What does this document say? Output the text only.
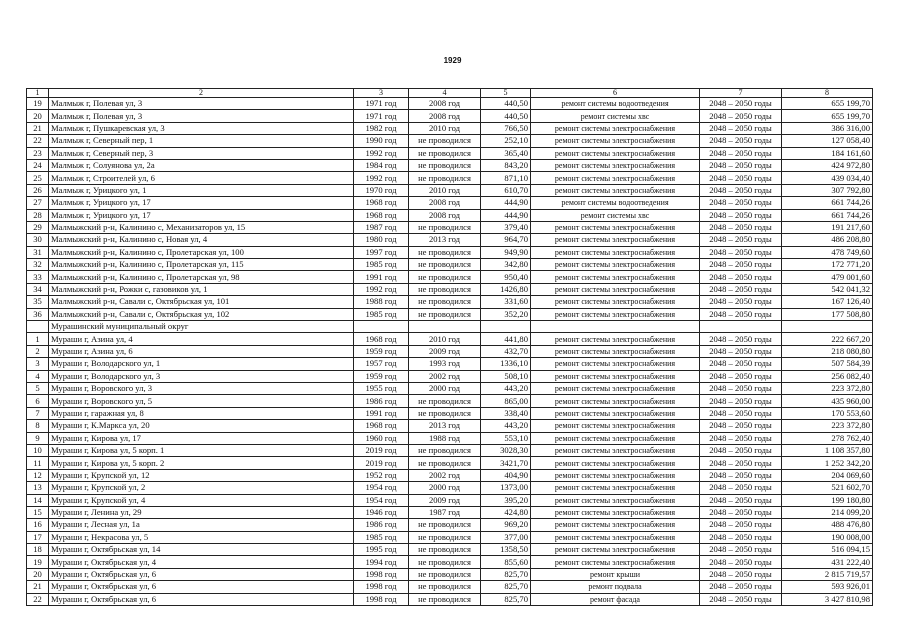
1929
1	2	3	4	5	6	7	8
19	Малмыж г, Полевая ул, 3	1971 год	2008 год	440,50	ремонт системы водоотведения	2048 – 2050 годы	655 199,70
20	Малмыж г, Полевая ул, 3	1971 год	2008 год	440,50	ремонт системы хвс	2048 – 2050 годы	655 199,70
21	Малмыж г, Пушкаревская ул, 3	1982 год	2010 год	766,50	ремонт системы электроснабжения	2048 – 2050 годы	386 316,00
22	Малмыж г, Северный пер, 1	1990 год	не проводился	252,10	ремонт системы электроснабжения	2048 – 2050 годы	127 058,40
23	Малмыж г, Северный пер, 3	1992 год	не проводился	365,40	ремонт системы электроснабжения	2048 – 2050 годы	184 161,60
24	Малмыж г, Солуянова ул, 2а	1984 год	не проводился	843,20	ремонт системы электроснабжения	2048 – 2050 годы	424 972,80
25	Малмыж г, Строителей ул, 6	1992 год	не проводился	871,10	ремонт системы электроснабжения	2048 – 2050 годы	439 034,40
26	Малмыж г, Урицкого ул, 1	1970 год	2010 год	610,70	ремонт системы электроснабжения	2048 – 2050 годы	307 792,80
27	Малмыж г, Урицкого ул, 17	1968 год	2008 год	444,90	ремонт системы водоотведения	2048 – 2050 годы	661 744,26
28	Малмыж г, Урицкого ул, 17	1968 год	2008 год	444,90	ремонт системы хвс	2048 – 2050 годы	661 744,26
29	Малмыжский р-н, Калинино с, Механизаторов ул, 15	1987 год	не проводился	379,40	ремонт системы электроснабжения	2048 – 2050 годы	191 217,60
30	Малмыжский р-н, Калинино с, Новая ул, 4	1980 год	2013 год	964,70	ремонт системы электроснабжения	2048 – 2050 годы	486 208,80
31	Малмыжский р-н, Калинино с, Пролетарская ул, 100	1997 год	не проводился	949,90	ремонт системы электроснабжения	2048 – 2050 годы	478 749,60
32	Малмыжский р-н, Калинино с, Пролетарская ул, 115	1985 год	не проводился	342,80	ремонт системы электроснабжения	2048 – 2050 годы	172 771,20
33	Малмыжский р-н, Калинино с, Пролетарская ул, 98	1991 год	не проводился	950,40	ремонт системы электроснабжения	2048 – 2050 годы	479 001,60
34	Малмыжский р-н, Рожки с, газовиков ул, 1	1992 год	не проводился	1426,80	ремонт системы электроснабжения	2048 – 2050 годы	542 041,32
35	Малмыжский р-н, Савали с, Октябрьская ул, 101	1988 год	не проводился	331,60	ремонт системы электроснабжения	2048 – 2050 годы	167 126,40
36	Малмыжский р-н, Савали с, Октябрьская ул, 102	1985 год	не проводился	352,20	ремонт системы электроснабжения	2048 – 2050 годы	177 508,80
	Мурашинский муниципальный округ						
1	Мураши г, Азина ул, 4	1968 год	2010 год	441,80	ремонт системы электроснабжения	2048 – 2050 годы	222 667,20
2	Мураши г, Азина ул, 6	1959 год	2009 год	432,70	ремонт системы электроснабжения	2048 – 2050 годы	218 080,80
3	Мураши г, Володарского ул, 1	1957 год	1993 год	1336,10	ремонт системы электроснабжения	2048 – 2050 годы	507 584,39
4	Мураши г, Володарского ул, 3	1959 год	2002 год	508,10	ремонт системы электроснабжения	2048 – 2050 годы	256 082,40
5	Мураши г, Воровского ул, 3	1955 год	2000 год	443,20	ремонт системы электроснабжения	2048 – 2050 годы	223 372,80
6	Мураши г, Воровского ул, 5	1986 год	не проводился	865,00	ремонт системы электроснабжения	2048 – 2050 годы	435 960,00
7	Мураши г, гаражная ул, 8	1991 год	не проводился	338,40	ремонт системы электроснабжения	2048 – 2050 годы	170 553,60
8	Мураши г, К.Маркса ул, 20	1968 год	2013 год	443,20	ремонт системы электроснабжения	2048 – 2050 годы	223 372,80
9	Мураши г, Кирова ул, 17	1960 год	1988 год	553,10	ремонт системы электроснабжения	2048 – 2050 годы	278 762,40
10	Мураши г, Кирова ул, 5 корп. 1	2019 год	не проводился	3028,30	ремонт системы электроснабжения	2048 – 2050 годы	1 108 357,80
11	Мураши г, Кирова ул, 5 корп. 2	2019 год	не проводился	3421,70	ремонт системы электроснабжения	2048 – 2050 годы	1 252 342,20
12	Мураши г, Крупской ул, 12	1952 год	2002 год	404,90	ремонт системы электроснабжения	2048 – 2050 годы	204 069,60
13	Мураши г, Крупской ул, 2	1954 год	2000 год	1373,00	ремонт системы электроснабжения	2048 – 2050 годы	521 602,70
14	Мураши г, Крупской ул, 4	1954 год	2009 год	395,20	ремонт системы электроснабжения	2048 – 2050 годы	199 180,80
15	Мураши г, Ленина ул, 29	1946 год	1987 год	424,80	ремонт системы электроснабжения	2048 – 2050 годы	214 099,20
16	Мураши г, Лесная ул, 1а	1986 год	не проводился	969,20	ремонт системы электроснабжения	2048 – 2050 годы	488 476,80
17	Мураши г, Некрасова ул, 5	1985 год	не проводился	377,00	ремонт системы электроснабжения	2048 – 2050 годы	190 008,00
18	Мураши г, Октябрьская ул, 14	1995 год	не проводился	1358,50	ремонт системы электроснабжения	2048 – 2050 годы	516 094,15
19	Мураши г, Октябрьская ул, 4	1994 год	не проводился	855,60	ремонт системы электроснабжения	2048 – 2050 годы	431 222,40
20	Мураши г, Октябрьская ул, 6	1998 год	не проводился	825,70	ремонт крыши	2048 – 2050 годы	2 815 719,57
21	Мураши г, Октябрьская ул, 6	1998 год	не проводился	825,70	ремонт подвала	2048 – 2050 годы	593 926,01
22	Мураши г, Октябрьская ул, 6	1998 год	не проводился	825,70	ремонт фасада	2048 – 2050 годы	3 427 810,98
